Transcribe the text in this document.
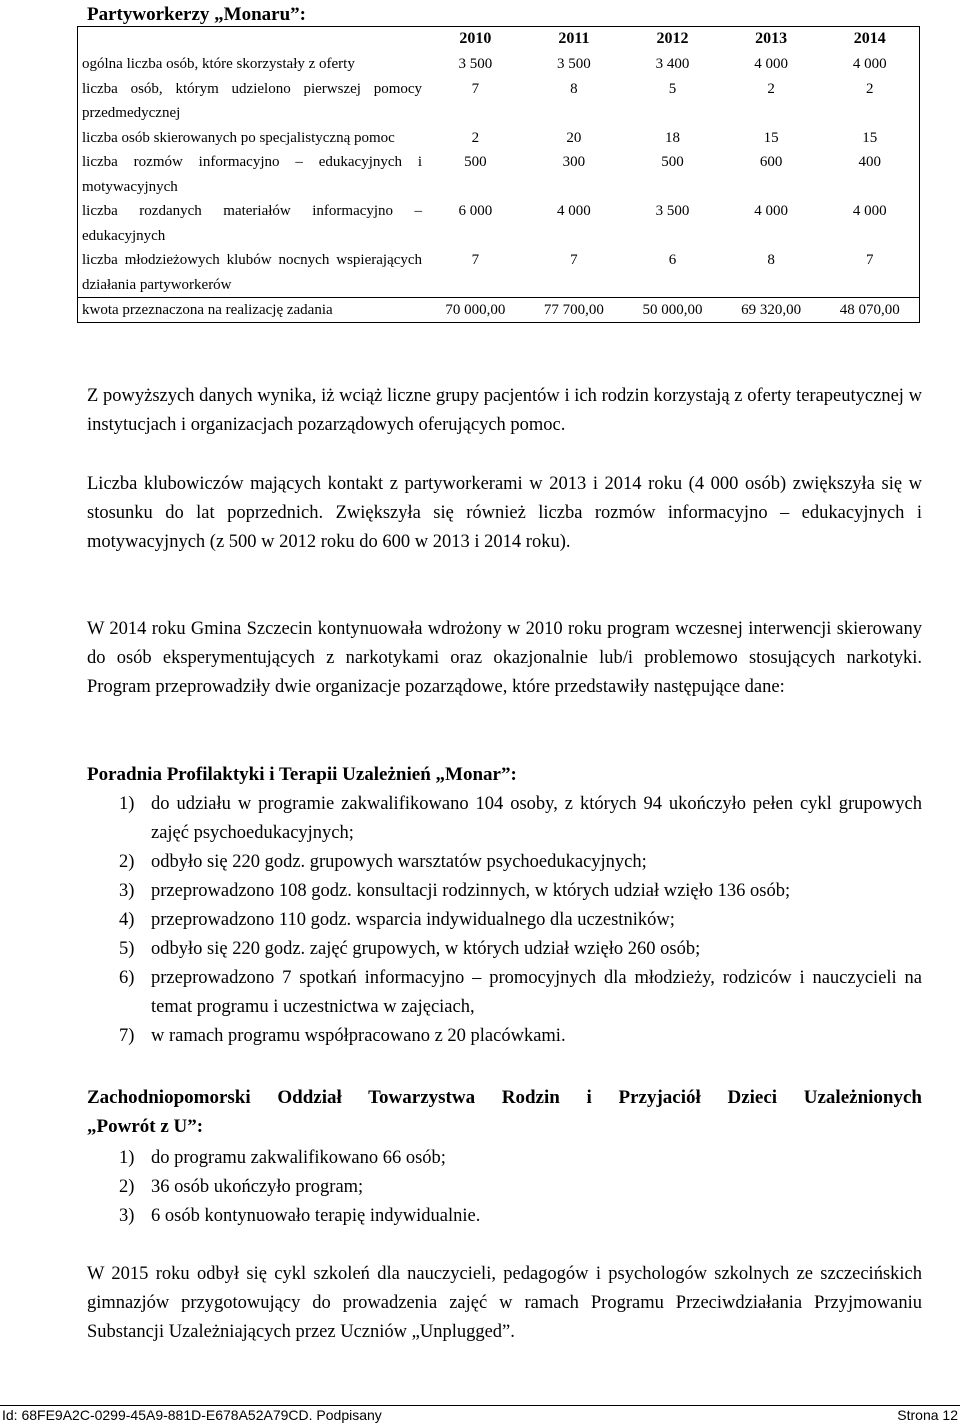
Partyworkerzy „Monaru”:
	2010	2011	2012	2013	2014
ogólna liczba osób, które skorzystały z oferty	3 500	3 500	3 400	4 000	4 000
liczba osób, którym udzielono pierwszej pomocy przedmedycznej	7	8	5	2	2
liczba osób skierowanych po specjalistyczną pomoc	2	20	18	15	15
liczba rozmów informacyjno – edukacyjnych i motywacyjnych	500	300	500	600	400
liczba rozdanych materiałów informacyjno – edukacyjnych	6 000	4 000	3 500	4 000	4 000
liczba młodzieżowych klubów nocnych wspierających działania partyworkerów	7	7	6	8	7
kwota przeznaczona na realizację zadania	70 000,00	77 700,00	50 000,00	69 320,00	48 070,00

Z powyższych danych wynika, iż wciąż liczne grupy pacjentów i ich rodzin korzystają z oferty terapeutycznej w instytucjach i organizacjach pozarządowych oferujących pomoc.

Liczba klubowiczów mających kontakt z partyworkerami w 2013 i 2014 roku (4 000 osób) zwiększyła się w stosunku do lat poprzednich. Zwiększyła się również liczba rozmów informacyjno – edukacyjnych i motywacyjnych (z 500 w 2012 roku do 600 w 2013 i 2014 roku).

W 2014 roku Gmina Szczecin kontynuowała wdrożony w 2010 roku program wczesnej interwencji skierowany do osób eksperymentujących z narkotykami oraz okazjonalnie lub/i problemowo stosujących narkotyki. Program przeprowadziły dwie organizacje pozarządowe, które przedstawiły następujące dane:

Poradnia Profilaktyki i Terapii Uzależnień „Monar”:
1) do udziału w programie zakwalifikowano 104 osoby, z których 94 ukończyło pełen cykl grupowych zajęć psychoedukacyjnych;
2) odbyło się 220 godz. grupowych warsztatów psychoedukacyjnych;
3) przeprowadzono 108 godz. konsultacji rodzinnych, w których udział wzięło 136 osób;
4) przeprowadzono 110 godz. wsparcia indywidualnego dla uczestników;
5) odbyło się 220 godz. zajęć grupowych, w których udział wzięło 260 osób;
6) przeprowadzono 7 spotkań informacyjno – promocyjnych dla młodzieży, rodziców i nauczycieli na temat programu i uczestnictwa w zajęciach,
7) w ramach programu współpracowano z 20 placówkami.
Zachodniopomorski Oddział Towarzystwa Rodzin i Przyjaciół Dzieci Uzależnionych
„Powrót z U”:
1) do programu zakwalifikowano 66 osób;
2) 36 osób ukończyło program;
3) 6 osób kontynuowało terapię indywidualnie.

W 2015 roku odbył się cykl szkoleń dla nauczycieli, pedagogów i psychologów szkolnych ze szczecińskich gimnazjów przygotowujący do prowadzenia zajęć w ramach Programu Przeciwdziałania Przyjmowaniu Substancji Uzależniających przez Uczniów „Unplugged”.

Id: 68FE9A2C-0299-45A9-881D-E678A52A79CD. Podpisany	Strona 12
